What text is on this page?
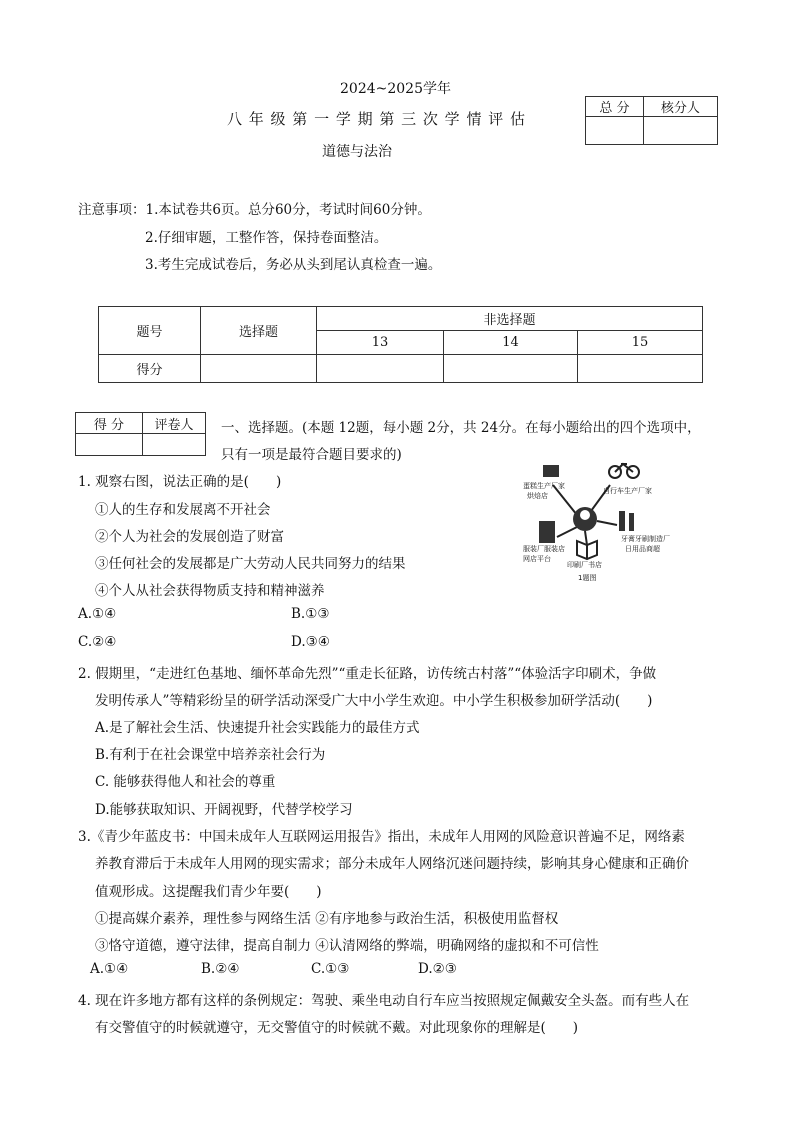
2024~2025学年
八 年 级 第 一 学 期 第 三 次 学 情 评 估
道德与法治
总 分	核分人

注意事项：1.本试卷共6页。总分60分，考试时间60分钟。
2.仔细审题，工整作答，保持卷面整洁。
3.考生完成试卷后，务必从头到尾认真检查一遍。
题号	选择题	非选择题		
		13	14	15
得分				
得 分	评卷人
	一、选择题。(本题 12题，每小题 2分，共 24分。在每小题给出的四个选项中，
只有一项是最符合题目要求的)
1. 观察右图，说法正确的是(　　)
①人的生存和发展离不开社会
②个人为社会的发展创造了财富
③任何社会的发展都是广大劳动人民共同努力的结果
④个人从社会获得物质支持和精神滋养
A.①④	B.①③
C.②④	D.③④
蛋糕生产厂家
烘焙店
自行车生产厂家
牙膏牙刷制造厂
日用品商超
服装厂服装店
网店平台
印刷厂书店
1题图
2. 假期里，“走进红色基地、缅怀革命先烈”“重走长征路，访传统古村落”“体验活字印刷术，争做
发明传承人”等精彩纷呈的研学活动深受广大中小学生欢迎。中小学生积极参加研学活动(　　)
A.是了解社会生活、快速提升社会实践能力的最佳方式
B.有利于在社会课堂中培养亲社会行为
C. 能够获得他人和社会的尊重
D.能够获取知识、开阔视野，代替学校学习
3.《青少年蓝皮书：中国未成年人互联网运用报告》指出，未成年人用网的风险意识普遍不足，网络素
养教育滞后于未成年人用网的现实需求；部分未成年人网络沉迷问题持续，影响其身心健康和正确价
值观形成。这提醒我们青少年要(　　)
①提高媒介素养，理性参与网络生活 ②有序地参与政治生活，积极使用监督权
③恪守道德，遵守法律，提高自制力 ④认清网络的弊端，明确网络的虚拟和不可信性
A.①④	B.②④	C.①③	D.②③
4. 现在许多地方都有这样的条例规定：驾驶、乘坐电动自行车应当按照规定佩戴安全头盔。而有些人在
有交警值守的时候就遵守，无交警值守的时候就不戴。对此现象你的理解是(　　)
